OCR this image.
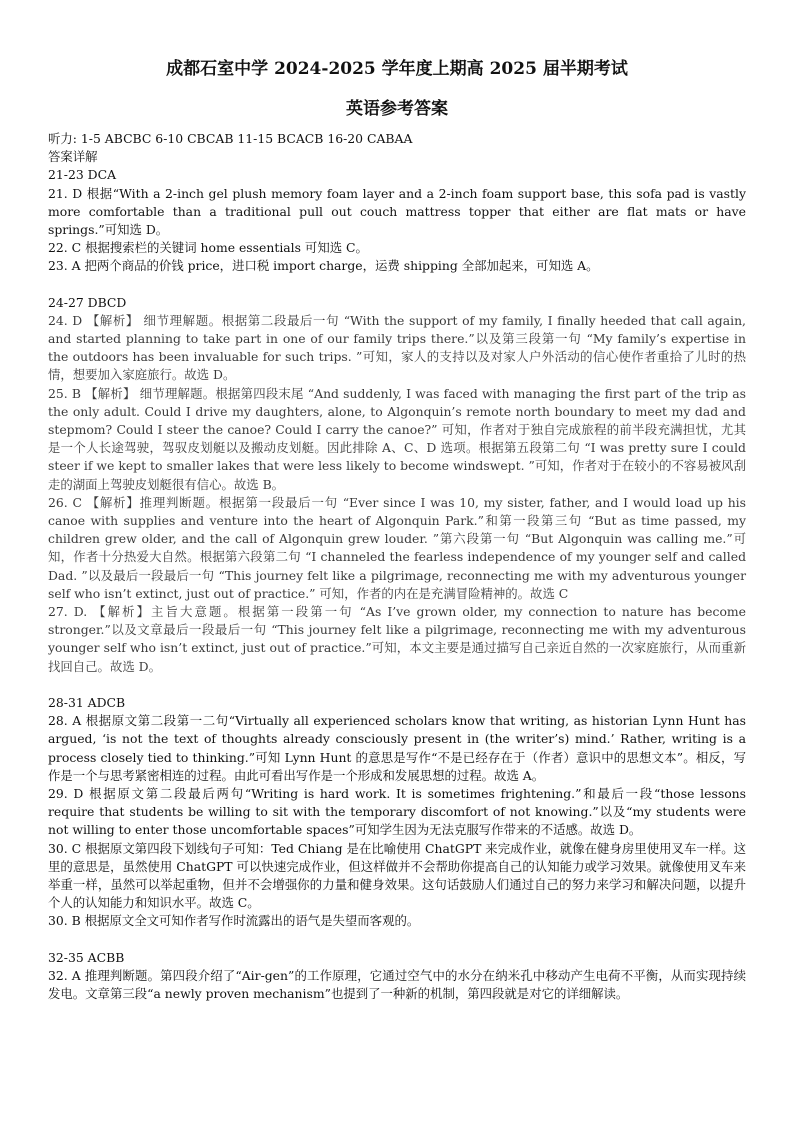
成都石室中学 2024-2025 学年度上期高 2025 届半期考试
英语参考答案

听力: 1-5 ABCBC 6-10 CBCAB 11-15 BCACB 16-20 CABAA

答案详解

21-23 DCA

21. D 根据“With a 2-inch gel plush memory foam layer and a 2-inch foam support base, this sofa pad is vastly more comfortable than a traditional pull out couch mattress topper that either are flat mats or have springs.”可知选 D。

22. C 根据搜索栏的关键词 home essentials 可知选 C。

23. A 把两个商品的价钱 price，进口税 import charge，运费 shipping 全部加起来，可知选 A。

24-27 DBCD

24. D 【解析】 细节理解题。根据第二段最后一句 “With the support of my family, I finally heeded that call again, and started planning to take part in one of our family trips there.”以及第三段第一句 “My family’s expertise in the outdoors has been invaluable for such trips. ”可知，家人的支持以及对家人户外活动的信心使作者重拾了儿时的热情，想要加入家庭旅行。故选 D。

25. B 【解析】 细节理解题。根据第四段末尾 “And suddenly, I was faced with managing the first part of the trip as the only adult. Could I drive my daughters, alone, to Algonquin’s remote north boundary to meet my dad and stepmom? Could I steer the canoe? Could I carry the canoe?” 可知，作者对于独自完成旅程的前半段充满担忧，尤其是一个人长途驾驶，驾驭皮划艇以及搬动皮划艇。因此排除 A、C、D 选项。根据第五段第二句 “I was pretty sure I could steer if we kept to smaller lakes that were less likely to become windswept. ”可知，作者对于在较小的不容易被风刮走的湖面上驾驶皮划艇很有信心。故选 B。

26. C 【解析】推理判断题。根据第一段最后一句 “Ever since I was 10, my sister, father, and I would load up his canoe with supplies and venture into the heart of Algonquin Park.”和第一段第三句 “But as time passed, my children grew older, and the call of Algonquin grew louder. ”第六段第一句 “But Algonquin was calling me.”可知，作者十分热爱大自然。根据第六段第二句 “I channeled the fearless independence of my younger self and called Dad. ”以及最后一段最后一句 “This journey felt like a pilgrimage, reconnecting me with my adventurous younger self who isn’t extinct, just out of practice.” 可知，作者的内在是充满冒险精神的。故选 C

27. D. 【解析】主旨大意题。根据第一段第一句 “As I’ve grown older, my connection to nature has become stronger.”以及文章最后一段最后一句 “This journey felt like a pilgrimage, reconnecting me with my adventurous younger self who isn’t extinct, just out of practice.”可知，本文主要是通过描写自己亲近自然的一次家庭旅行，从而重新找回自己。故选 D。

28-31 ADCB

28. A 根据原文第二段第一二句“Virtually all experienced scholars know that writing, as historian Lynn Hunt has argued, ‘is not the text of thoughts already consciously present in (the writer’s) mind.’ Rather, writing is a process closely tied to thinking.”可知 Lynn Hunt 的意思是写作“不是已经存在于（作者）意识中的思想文本”。相反，写作是一个与思考紧密相连的过程。由此可看出写作是一个形成和发展思想的过程。故选 A。

29. D 根据原文第二段最后两句“Writing is hard work. It is sometimes frightening.”和最后一段“those lessons require that students be willing to sit with the temporary discomfort of not knowing.”以及“my students were not willing to enter those uncomfortable spaces”可知学生因为无法克服写作带来的不适感。故选 D。

30. C 根据原文第四段下划线句子可知：Ted Chiang 是在比喻使用 ChatGPT 来完成作业，就像在健身房里使用叉车一样。这里的意思是，虽然使用 ChatGPT 可以快速完成作业，但这样做并不会帮助你提高自己的认知能力或学习效果。就像使用叉车来举重一样，虽然可以举起重物，但并不会增强你的力量和健身效果。这句话鼓励人们通过自己的努力来学习和解决问题，以提升个人的认知能力和知识水平。故选 C。

30. B 根据原文全文可知作者写作时流露出的语气是失望而客观的。

32-35 ACBB

32. A 推理判断题。第四段介绍了“Air-gen”的工作原理，它通过空气中的水分在纳米孔中移动产生电荷不平衡，从而实现持续发电。文章第三段“a newly proven mechanism”也提到了一种新的机制，第四段就是对它的详细解读。
